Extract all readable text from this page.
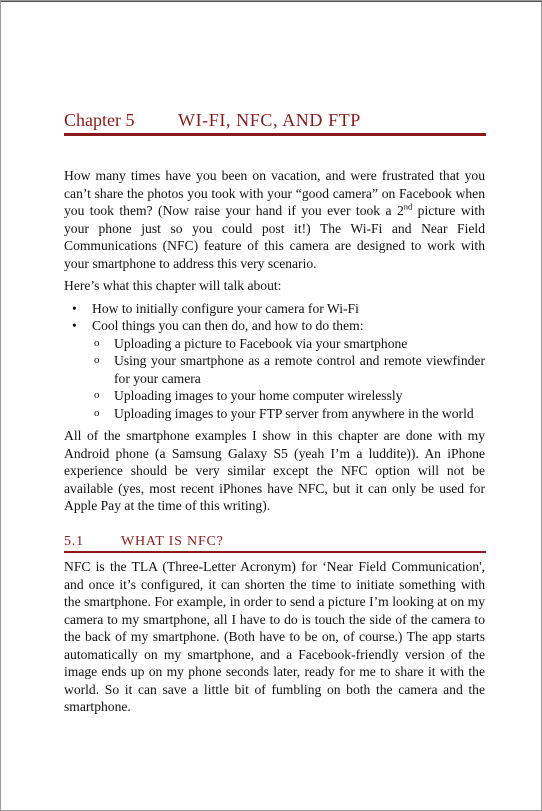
Chapter 5 WI-FI, NFC, AND FTP

How many times have you been on vacation, and were frustrated that you can’t share the photos you took with your “good camera” on Facebook when you took them? (Now raise your hand if you ever took a 2nd picture with your phone just so you could post it!) The Wi-Fi and Near Field Communications (NFC) feature of this camera are designed to work with your smartphone to address this very scenario.

Here’s what this chapter will talk about:

• How to initially configure your camera for Wi-Fi
• Cool things you can then do, and how to do them:
o Uploading a picture to Facebook via your smartphone
o Using your smartphone as a remote control and remote viewfinder for your camera
o Uploading images to your home computer wirelessly
o Uploading images to your FTP server from anywhere in the world

All of the smartphone examples I show in this chapter are done with my Android phone (a Samsung Galaxy S5 (yeah I’m a luddite)). An iPhone experience should be very similar except the NFC option will not be available (yes, most recent iPhones have NFC, but it can only be used for Apple Pay at the time of this writing).

5.1	WHAT IS NFC?

NFC is the TLA (Three-Letter Acronym) for ‘Near Field Communication', and once it’s configured, it can shorten the time to initiate something with the smartphone. For example, in order to send a picture I’m looking at on my camera to my smartphone, all I have to do is touch the side of the camera to the back of my smartphone. (Both have to be on, of course.) The app starts automatically on my smartphone, and a Facebook-friendly version of the image ends up on my phone seconds later, ready for me to share it with the world. So it can save a little bit of fumbling on both the camera and the smartphone.
